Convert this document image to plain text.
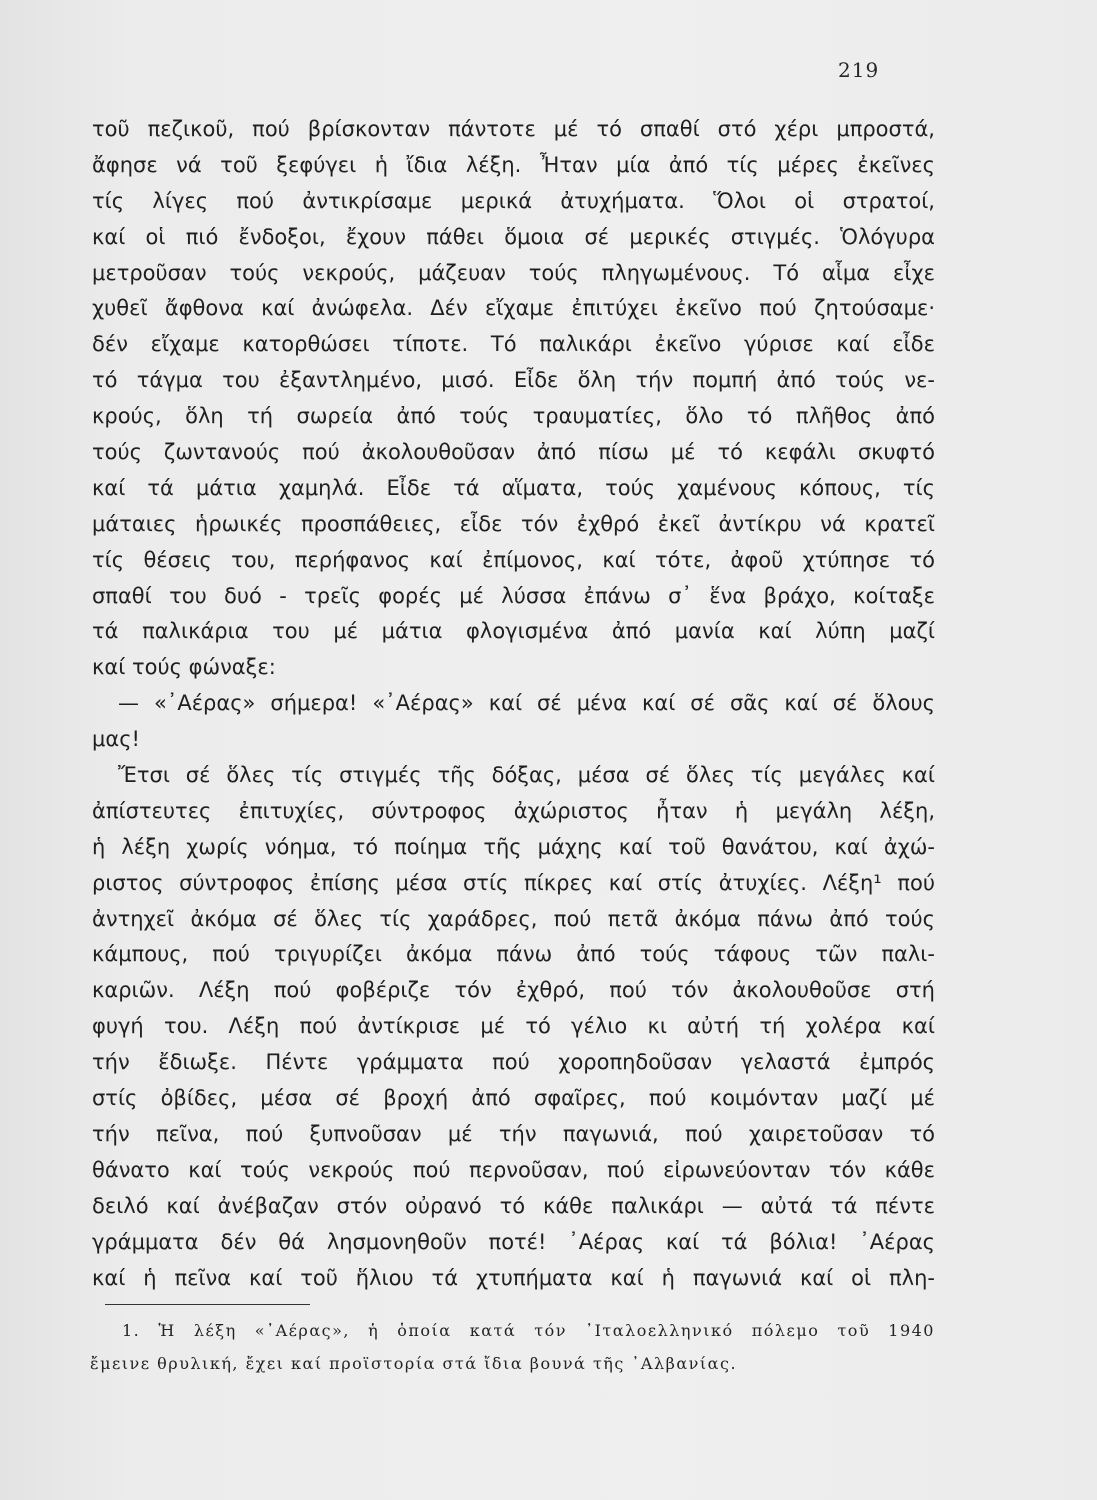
219
τοῦ πεζικοῦ, πού βρίσκονταν πάντοτε μέ τό σπαθί στό χέρι μπροστά,
ἄφησε νά τοῦ ξεφύγει ἡ ἴδια λέξη. Ἦταν μία ἀπό τίς μέρες ἐκεῖνες
τίς λίγες πού ἀντικρίσαμε μερικά ἀτυχήματα. Ὅλοι οἱ στρατοί,
καί οἱ πιό ἔνδοξοι, ἔχουν πάθει ὅμοια σέ μερικές στιγμές. Ὁλόγυρα
μετροῦσαν τούς νεκρούς, μάζευαν τούς πληγωμένους. Τό αἷμα εἶχε
χυθεῖ ἄφθονα καί ἀνώφελα. Δέν εἴχαμε ἐπιτύχει ἐκεῖνο πού ζητούσαμε·
δέν εἴχαμε κατορθώσει τίποτε. Τό παλικάρι ἐκεῖνο γύρισε καί εἶδε
τό τάγμα του ἐξαντλημένο, μισό. Εἶδε ὅλη τήν πομπή ἀπό τούς νε-
κρούς, ὅλη τή σωρεία ἀπό τούς τραυματίες, ὅλο τό πλῆθος ἀπό
τούς ζωντανούς πού ἀκολουθοῦσαν ἀπό πίσω μέ τό κεφάλι σκυφτό
καί τά μάτια χαμηλά. Εἶδε τά αἵματα, τούς χαμένους κόπους, τίς
μάταιες ἡρωικές προσπάθειες, εἶδε τόν ἐχθρό ἐκεῖ ἀντίκρυ νά κρατεῖ
τίς θέσεις του, περήφανος καί ἐπίμονος, καί τότε, ἀφοῦ χτύπησε τό
σπαθί του δυό - τρεῖς φορές μέ λύσσα ἐπάνω σ᾿ ἕνα βράχο, κοίταξε
τά παλικάρια του μέ μάτια φλογισμένα ἀπό μανία καί λύπη μαζί
καί τούς φώναξε:
— «᾿Αέρας» σήμερα! «᾿Αέρας» καί σέ μένα καί σέ σᾶς καί σέ ὅλους
μας!
Ἔτσι σέ ὅλες τίς στιγμές τῆς δόξας, μέσα σέ ὅλες τίς μεγάλες καί
ἀπίστευτες ἐπιτυχίες, σύντροφος ἀχώριστος ἦταν ἡ μεγάλη λέξη,
ἡ λέξη χωρίς νόημα, τό ποίημα τῆς μάχης καί τοῦ θανάτου, καί ἀχώ-
ριστος σύντροφος ἐπίσης μέσα στίς πίκρες καί στίς ἀτυχίες. Λέξη¹ πού
ἀντηχεῖ ἀκόμα σέ ὅλες τίς χαράδρες, πού πετᾶ ἀκόμα πάνω ἀπό τούς
κάμπους, πού τριγυρίζει ἀκόμα πάνω ἀπό τούς τάφους τῶν παλι-
καριῶν. Λέξη πού φοβέριζε τόν ἐχθρό, πού τόν ἀκολουθοῦσε στή
φυγή του. Λέξη πού ἀντίκρισε μέ τό γέλιο κι αὐτή τή χολέρα καί
τήν ἔδιωξε. Πέντε γράμματα πού χοροπηδοῦσαν γελαστά ἐμπρός
στίς ὀβίδες, μέσα σέ βροχή ἀπό σφαῖρες, πού κοιμόνταν μαζί μέ
τήν πεῖνα, πού ξυπνοῦσαν μέ τήν παγωνιά, πού χαιρετοῦσαν τό
θάνατο καί τούς νεκρούς πού περνοῦσαν, πού εἰρωνεύονταν τόν κάθε
δειλό καί ἀνέβαζαν στόν οὐρανό τό κάθε παλικάρι — αὐτά τά πέντε
γράμματα δέν θά λησμονηθοῦν ποτέ! ᾿Αέρας καί τά βόλια! ᾿Αέρας
καί ἡ πεῖνα καί τοῦ ἥλιου τά χτυπήματα καί ἡ παγωνιά καί οἱ πλη-
1. Ἡ λέξη «᾿Αέρας», ἡ ὁποία κατά τόν ᾿Ιταλοελληνικό πόλεμο τοῦ 1940
ἔμεινε θρυλική, ἔχει καί προϊστορία στά ἴδια βουνά τῆς ᾿Αλβανίας.
